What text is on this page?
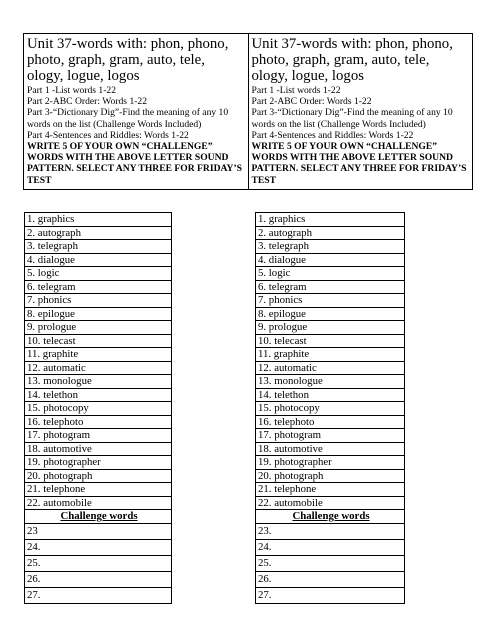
Unit 37-words with: phon, phono, photo, graph, gram, auto, tele, ology, logue, logos
Part 1 -List words 1-22
Part 2-ABC Order: Words 1-22
Part 3-“Dictionary Dig”-Find the meaning of any 10 words on the list (Challenge Words Included)
Part 4-Sentences and Riddles: Words 1-22
WRITE 5 OF YOUR OWN “CHALLENGE” WORDS WITH THE ABOVE LETTER SOUND PATTERN. SELECT ANY THREE FOR FRIDAY’S TEST
Unit 37-words with: phon, phono, photo, graph, gram, auto, tele, ology, logue, logos
Part 1 -List words 1-22
Part 2-ABC Order: Words 1-22
Part 3-“Dictionary Dig”-Find the meaning of any 10 words on the list (Challenge Words Included)
Part 4-Sentences and Riddles: Words 1-22
WRITE 5 OF YOUR OWN “CHALLENGE” WORDS WITH THE ABOVE LETTER SOUND PATTERN. SELECT ANY THREE FOR FRIDAY’S TEST
1. graphics
2. autograph
3. telegraph
4. dialogue
5. logic
6. telegram
7. phonics
8. epilogue
9. prologue
10. telecast
11. graphite
12. automatic
13. monologue
14. telethon
15. photocopy
16. telephoto
17. photogram
18. automotive
19. photographer
20. photograph
21. telephone
22. automobile
Challenge words
23
24.
25.
26.
27.
1. graphics
2. autograph
3. telegraph
4. dialogue
5. logic
6. telegram
7. phonics
8. epilogue
9. prologue
10. telecast
11. graphite
12. automatic
13. monologue
14. telethon
15. photocopy
16. telephoto
17. photogram
18. automotive
19. photographer
20. photograph
21. telephone
22. automobile
Challenge words
23.
24.
25.
26.
27.
